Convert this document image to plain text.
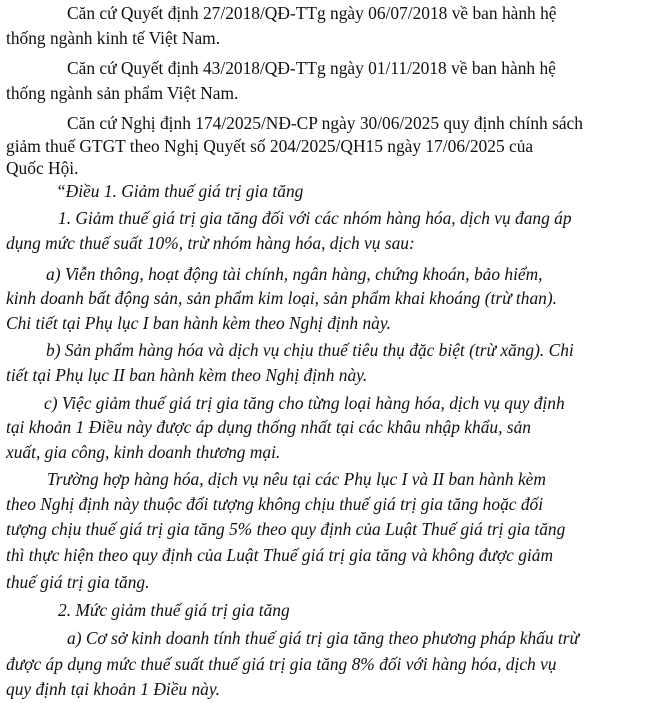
Căn cứ Quyết định 27/2018/QĐ-TTg ngày 06/07/2018 về ban hành hệ
thống ngành kinh tế Việt Nam.
Căn cứ Quyết định 43/2018/QĐ-TTg ngày 01/11/2018 về ban hành hệ
thống ngành sản phẩm Việt Nam.
Căn cứ Nghị định 174/2025/NĐ-CP ngày 30/06/2025 quy định chính sách
giảm thuế GTGT theo Nghị Quyết số 204/2025/QH15 ngày 17/06/2025 của
Quốc Hội.
“Điều 1. Giảm thuế giá trị gia tăng
1. Giảm thuế giá trị gia tăng đối với các nhóm hàng hóa, dịch vụ đang áp
dụng mức thuế suất 10%, trừ nhóm hàng hóa, dịch vụ sau:
a) Viễn thông, hoạt động tài chính, ngân hàng, chứng khoán, bảo hiểm,
kinh doanh bất động sản, sản phẩm kim loại, sản phẩm khai khoáng (trừ than).
Chi tiết tại Phụ lục I ban hành kèm theo Nghị định này.
b) Sản phẩm hàng hóa và dịch vụ chịu thuế tiêu thụ đặc biệt (trừ xăng). Chi
tiết tại Phụ lục II ban hành kèm theo Nghị định này.
c) Việc giảm thuế giá trị gia tăng cho từng loại hàng hóa, dịch vụ quy định
tại khoản 1 Điều này được áp dụng thống nhất tại các khâu nhập khẩu, sản
xuất, gia công, kinh doanh thương mại.
Trường hợp hàng hóa, dịch vụ nêu tại các Phụ lục I và II ban hành kèm
theo Nghị định này thuộc đối tượng không chịu thuế giá trị gia tăng hoặc đối
tượng chịu thuế giá trị gia tăng 5% theo quy định của Luật Thuế giá trị gia tăng
thì thực hiện theo quy định của Luật Thuế giá trị gia tăng và không được giảm
thuế giá trị gia tăng.
2. Mức giảm thuế giá trị gia tăng
a) Cơ sở kinh doanh tính thuế giá trị gia tăng theo phương pháp khấu trừ
được áp dụng mức thuế suất thuế giá trị gia tăng 8% đối với hàng hóa, dịch vụ
quy định tại khoản 1 Điều này.
